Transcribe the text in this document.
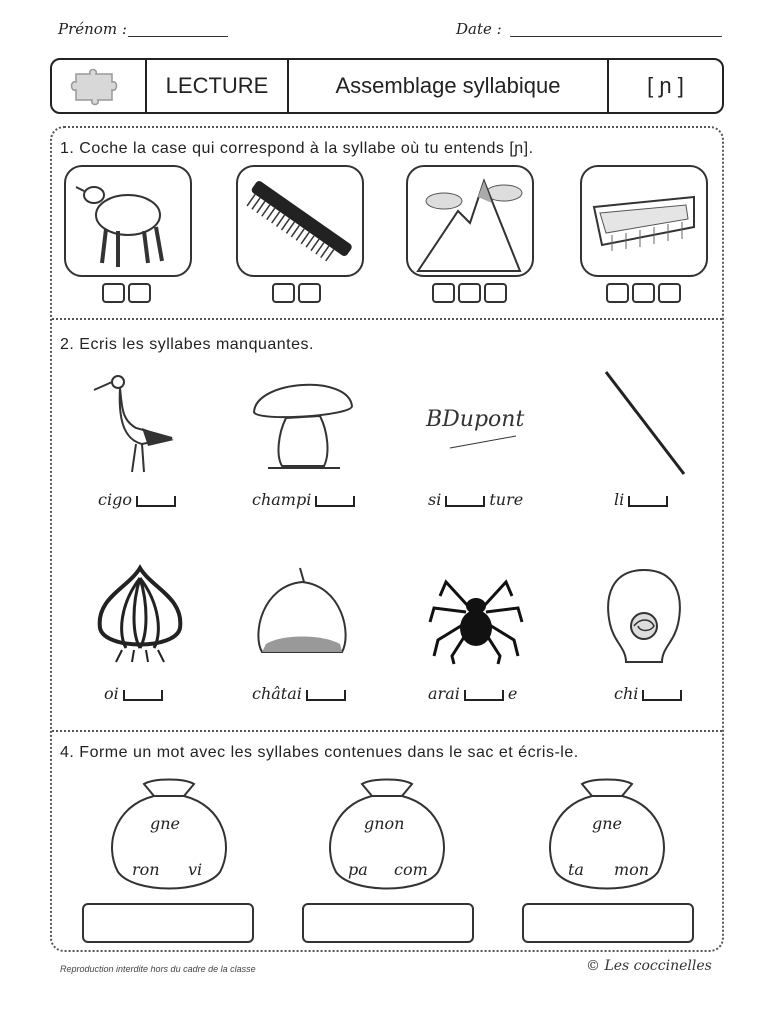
Prénom :	Date :
LECTURE	Assemblage syllabique	[ ɲ ]
1. Coche la case qui correspond à la syllabe où tu entends [ɲ].
2. Ecris les syllabes manquantes.
BDupont
cigo	champi	si	ture	li
oi	châtai	arai	e	chi
4. Forme un mot avec les syllabes contenues dans le sac et écris-le.
gne
ron vi
gnon
pa com
gne
ta mon
Reproduction interdite hors du cadre de la classe	© Les coccinelles
